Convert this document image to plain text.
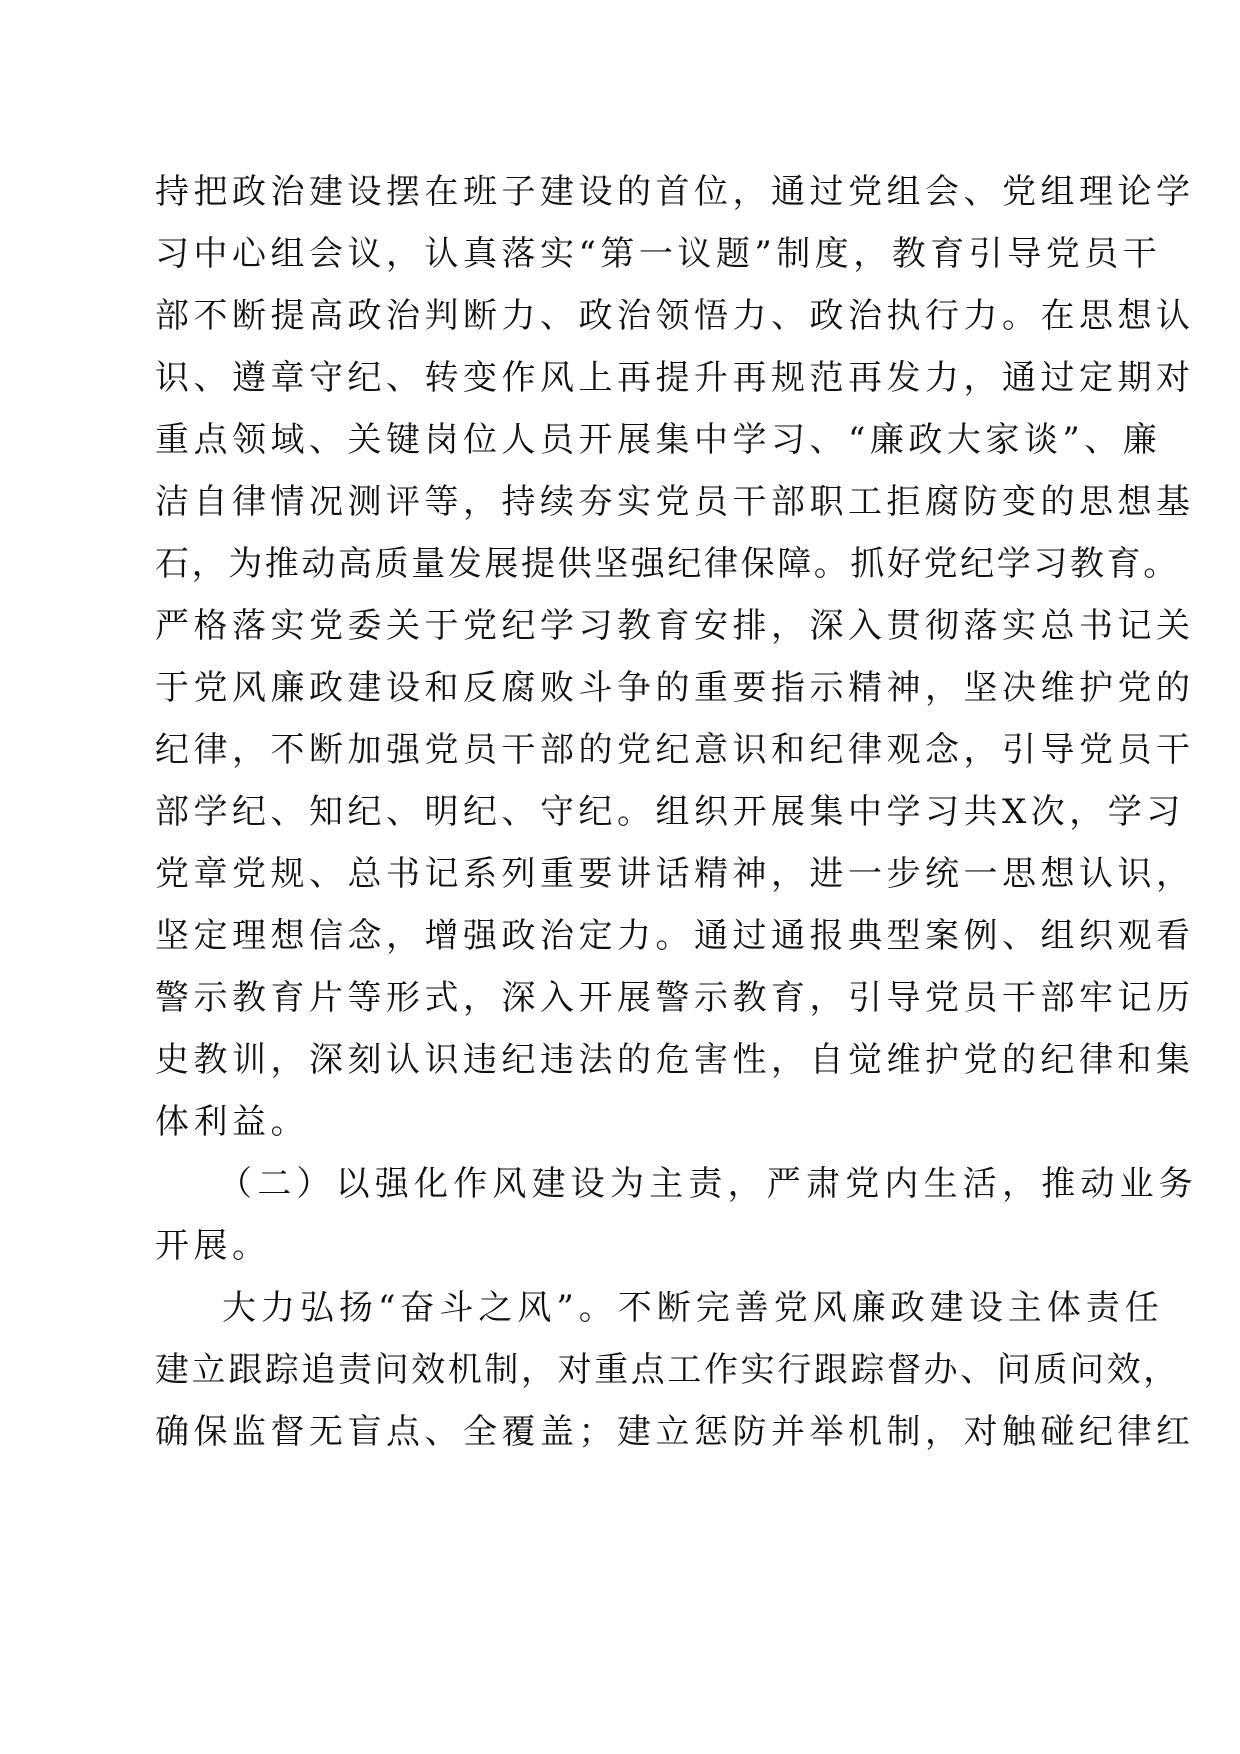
持把政治建设摆在班子建设的首位，通过党组会、党组理论学
习中心组会议，认真落实“第一议题”制度，教育引导党员干
部不断提高政治判断力、政治领悟力、政治执行力。在思想认
识、遵章守纪、转变作风上再提升再规范再发力，通过定期对
重点领域、关键岗位人员开展集中学习、“廉政大家谈”、廉
洁自律情况测评等，持续夯实党员干部职工拒腐防变的思想基
石，为推动高质量发展提供坚强纪律保障。抓好党纪学习教育。
严格落实党委关于党纪学习教育安排，深入贯彻落实总书记关
于党风廉政建设和反腐败斗争的重要指示精神，坚决维护党的
纪律，不断加强党员干部的党纪意识和纪律观念，引导党员干
部学纪、知纪、明纪、守纪。组织开展集中学习共X次，学习
党章党规、总书记系列重要讲话精神，进一步统一思想认识，
坚定理想信念，增强政治定力。通过通报典型案例、组织观看
警示教育片等形式，深入开展警示教育，引导党员干部牢记历
史教训，深刻认识违纪违法的危害性，自觉维护党的纪律和集
体利益。
（二）以强化作风建设为主责，严肃党内生活，推动业务
开展。
大力弘扬“奋斗之风”。不断完善党风廉政建设主体责任
建立跟踪追责问效机制，对重点工作实行跟踪督办、问质问效，
确保监督无盲点、全覆盖；建立惩防并举机制，对触碰纪律红
